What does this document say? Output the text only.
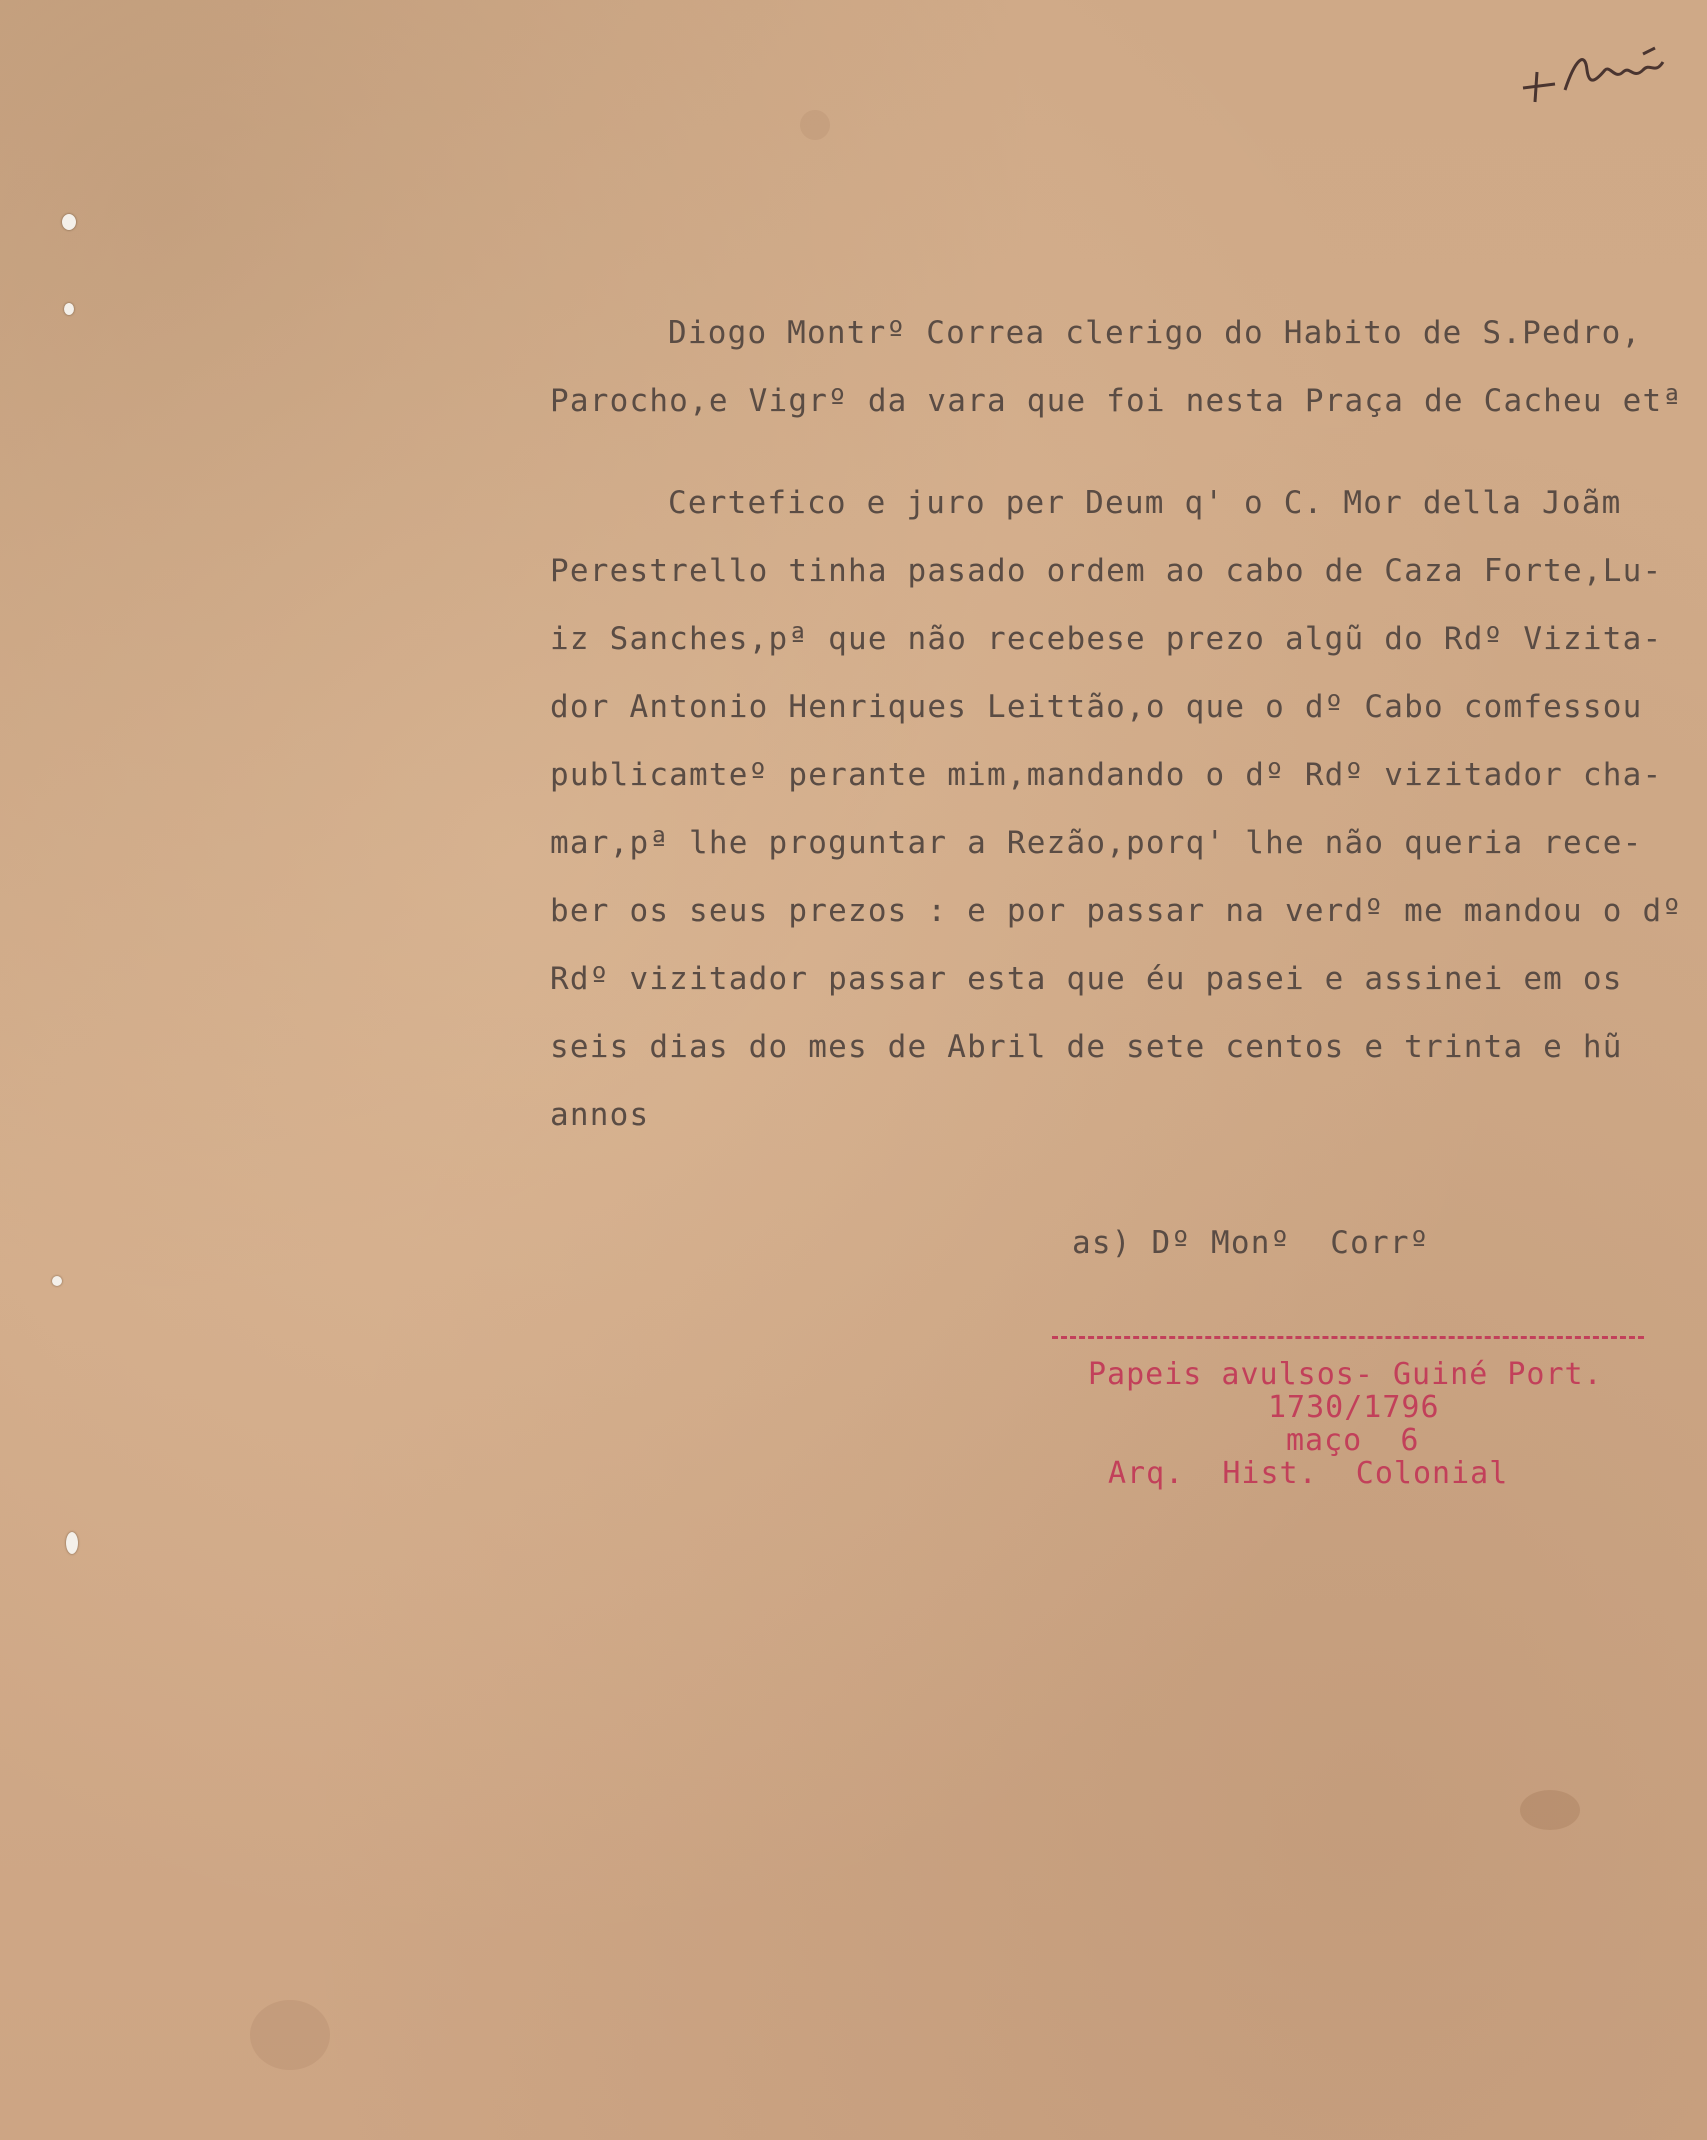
Diogo Montrº Correa clerigo do Habito de S.Pedro,

Parocho,e Vigrº da vara que foi nesta Praça de Cacheu etª

Certefico e juro per Deum q' o C. Mor della Joãm

Perestrello tinha pasado ordem ao cabo de Caza Forte,Lu-

iz Sanches,pª que não recebese prezo algũ do Rdº Vizita-

dor Antonio Henriques Leittão,o que o dº Cabo comfessou

publicamteº perante mim,mandando o dº Rdº vizitador cha-

mar,pª lhe proguntar a Rezão,porq' lhe não queria rece-

ber os seus prezos : e por passar na verdº me mandou o dº

Rdº vizitador passar esta que éu pasei e assinei em os

seis dias do mes de Abril de sete centos e trinta e hũ

annos

as) Dº Monº  Corrº

Papeis avulsos- Guiné Port.

1730/1796

maço  6

Arq.  Hist.  Colonial
